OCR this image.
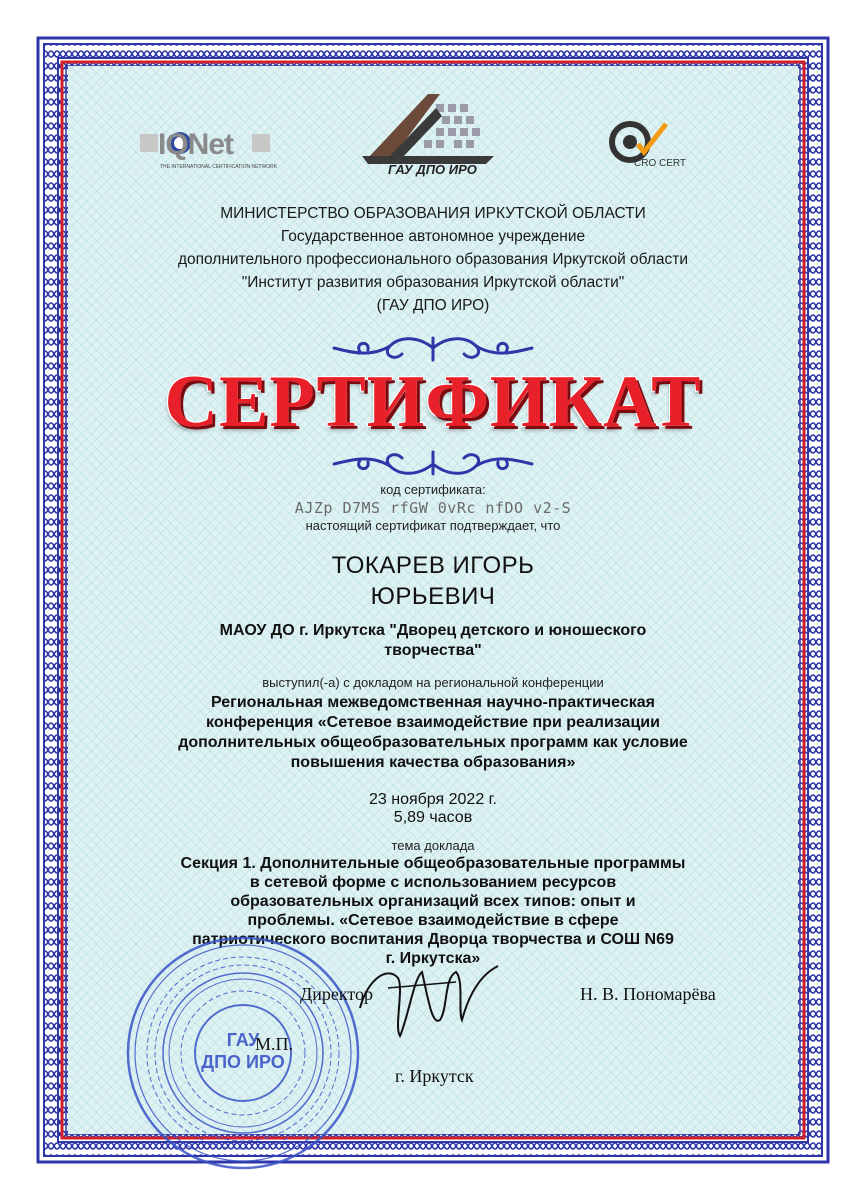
IQNet
THE INTERNATIONAL CERTIFICATION NETWORK	ГАУ ДПО ИРО	CRO CERT
МИНИСТЕРСТВО ОБРАЗОВАНИЯ ИРКУТСКОЙ ОБЛАСТИ
Государственное автономное учреждение
дополнительного профессионального образования Иркутской области
"Институт развития образования Иркутской области"
(ГАУ ДПО ИРО)
СЕРТИФИКАТ
код сертификата:
AJZp D7MS rfGW 0vRc nfDO v2-S
настоящий сертификат подтверждает, что
ТОКАРЕВ ИГОРЬ
ЮРЬЕВИЧ
МАОУ ДО г. Иркутска "Дворец детского и юношеского
творчества"
выступил(-а) с докладом на региональной конференции
Региональная межведомственная научно-практическая
конференция «Сетевое взаимодействие при реализации
дополнительных общеобразовательных программ как условие
повышения качества образования»
23 ноября 2022 г.
5,89 часов
тема доклада
Секция 1. Дополнительные общеобразовательные программы
в сетевой форме с использованием ресурсов
образовательных организаций всех типов: опыт и
проблемы. «Сетевое взаимодействие в сфере
патриотического воспитания Дворца творчества и СОШ N69
г. Иркутска»
ГАУ
ДПО ИРО
Директор	Н. В. Пономарёва
М.П.
г. Иркутск
